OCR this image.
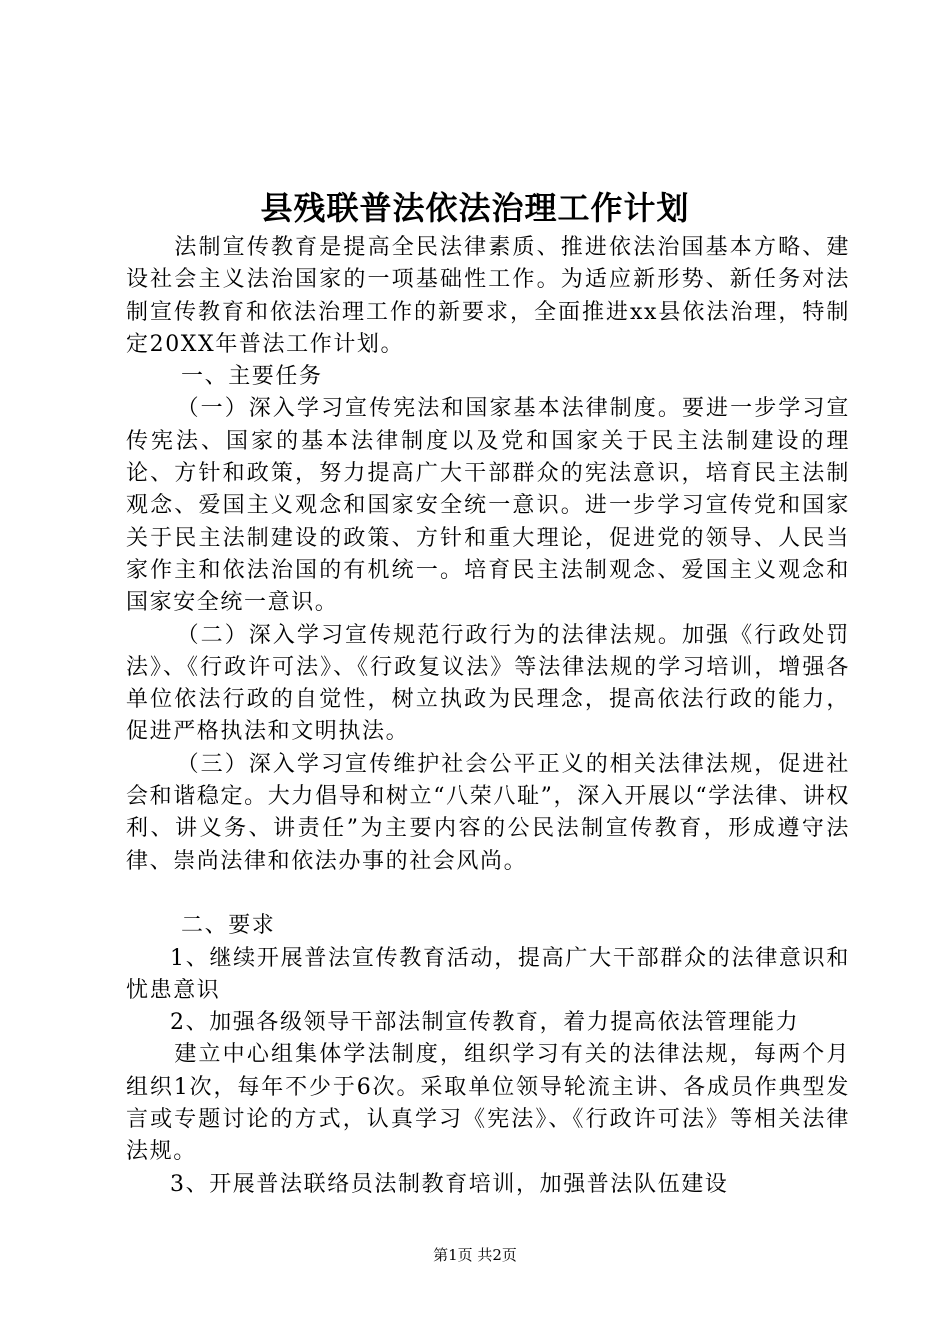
县残联普法依法治理工作计划

法制宣传教育是提高全民法律素质、推进依法治国基本方略、建设社会主义法治国家的一项基础性工作。为适应新形势、新任务对法制宣传教育和依法治理工作的新要求，全面推进xx县依法治理，特制定20XX年普法工作计划。

一、主要任务

（一）深入学习宣传宪法和国家基本法律制度。要进一步学习宣传宪法、国家的基本法律制度以及党和国家关于民主法制建设的理论、方针和政策，努力提高广大干部群众的宪法意识，培育民主法制观念、爱国主义观念和国家安全统一意识。进一步学习宣传党和国家关于民主法制建设的政策、方针和重大理论，促进党的领导、人民当家作主和依法治国的有机统一。培育民主法制观念、爱国主义观念和国家安全统一意识。

（二）深入学习宣传规范行政行为的法律法规。加强《行政处罚法》、《行政许可法》、《行政复议法》等法律法规的学习培训，增强各单位依法行政的自觉性，树立执政为民理念，提高依法行政的能力，促进严格执法和文明执法。

（三）深入学习宣传维护社会公平正义的相关法律法规，促进社会和谐稳定。大力倡导和树立“八荣八耻”，深入开展以“学法律、讲权利、讲义务、讲责任”为主要内容的公民法制宣传教育，形成遵守法律、崇尚法律和依法办事的社会风尚。

二、要求

1、继续开展普法宣传教育活动，提高广大干部群众的法律意识和忧患意识

2、加强各级领导干部法制宣传教育，着力提高依法管理能力

建立中心组集体学法制度，组织学习有关的法律法规，每两个月组织1次，每年不少于6次。采取单位领导轮流主讲、各成员作典型发言或专题讨论的方式，认真学习《宪法》、《行政许可法》等相关法律法规。

3、开展普法联络员法制教育培训，加强普法队伍建设

第1页 共2页
